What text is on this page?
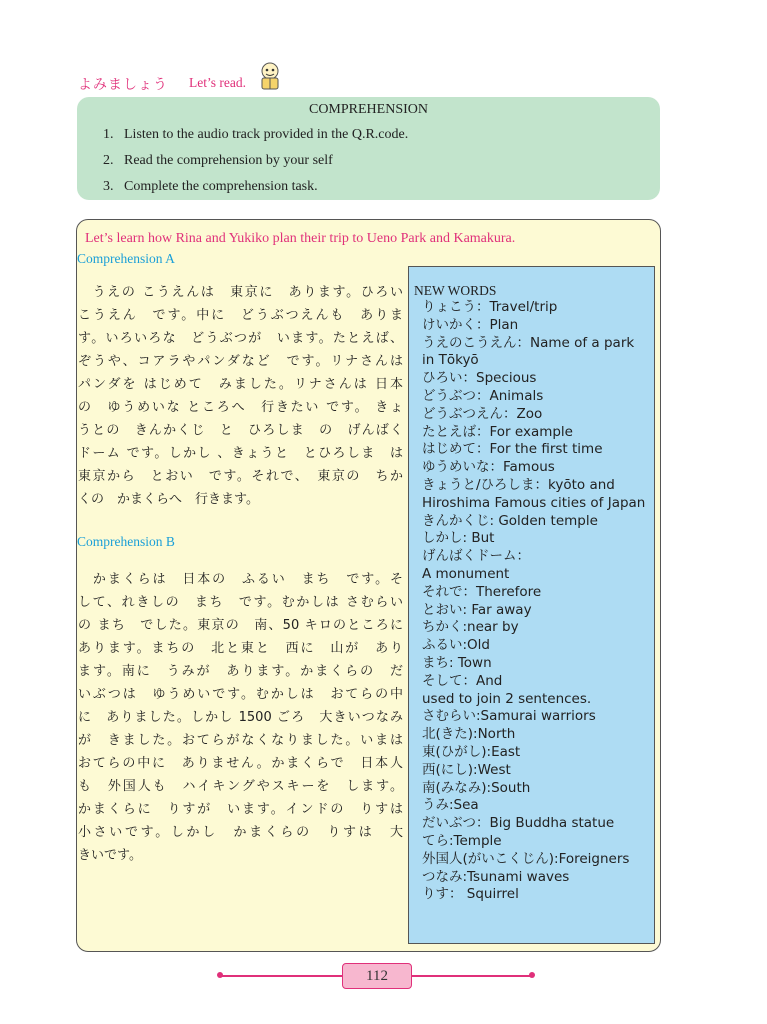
よみましょう Let’s read.
COMPREHENSION
1. Listen to the audio track provided in the Q.R.code.
2. Read the comprehension by your self
3. Complete the comprehension task.
Let’s learn how Rina and Yukiko plan their trip to Ueno Park and Kamakura.
Comprehension A
　うえの こうえんは　東京に　あります。ひろい
こうえん　です。中に　どうぶつえんも　ありま
す。いろいろな　どうぶつが　います。たとえば、
ぞうや、コアラやパンダなど　です。リナさんは
パンダを はじめて　みました。リナさんは 日本
の　ゆうめいな ところへ　行きたい です。 きょ
うとの　きんかくじ　と　ひろしま　の　げんばく
ドーム です。しかし 、きょうと　とひろしま　は
東京から　とおい　です。それで、　東京の　ちか
くの　かまくらへ　行きます。
Comprehension B
　かまくらは　日本の　ふるい　まち　です。そ
して、れきしの　まち　です。むかしは さむらい
の まち　でした。東京の　南、50 キロのところに
あります。まちの　北と東と　西に　山が　あり
ます。南に　うみが　あります。かまくらの　だ
いぶつは　ゆうめいです。むかしは　おてらの中
に　ありました。しかし 1500 ごろ　大きいつなみ
が　きました。おてらがなくなりました。いまは
おてらの中に　ありません。かまくらで　日本人
も　外国人も　ハイキングやスキーを　します。
かまくらに　りすが　います。インドの　りすは
小さいです。しかし　かまくらの　りすは　大
きいです。
NEW WORDS
りょこう：Travel/trip
けいかく：Plan
うえのこうえん：Name of a park
in Tōkyō
ひろい：Specious
どうぶつ：Animals
どうぶつえん：Zoo
たとえば：For example
はじめて：For the first time
ゆうめいな：Famous
きょうと/ひろしま：kyōto and
Hiroshima Famous cities of Japan
きんかくじ: Golden temple
しかし: But
げんばくドーム：
A monument
それで：Therefore
とおい: Far away
ちかく:near by
ふるい:Old
まち: Town
そして：And
used to join 2 sentences.
さむらい:Samurai warriors
北(きた):North
東(ひがし):East
西(にし):West
南(みなみ):South
うみ:Sea
だいぶつ：Big Buddha statue
てら:Temple
外国人(がいこくじん):Foreigners
つなみ:Tsunami waves
りす： Squirrel
112
